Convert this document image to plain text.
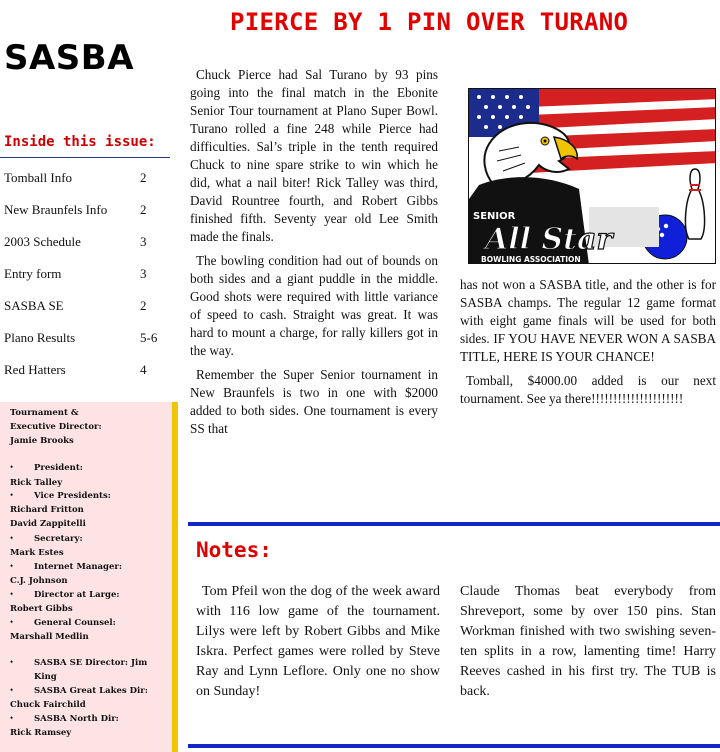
SASBA
Inside this issue:
Tomball Info	2
New Braunfels Info	2
2003 Schedule	3
Entry form	3
SASBA SE	2
Plano Results	5-6
Red Hatters	4
Tournament &
Executive Director:
Jamie Brooks
• President:
Rick Talley
• Vice Presidents:
Richard Fritton
David Zappitelli
• Secretary:
Mark Estes
• Internet Manager:
C.J. Johnson
• Director at Large:
Robert Gibbs
• General Counsel:
Marshall Medlin
• SASBA SE Director: Jim
King
• SASBA Great Lakes Dir:
Chuck Fairchild
• SASBA North Dir:
Rick Ramsey
PIERCE BY 1 PIN OVER TURANO

Chuck Pierce had Sal Turano by 93 pins going into the final match in the Ebonite Senior Tour tournament at Plano Super Bowl. Turano rolled a fine 248 while Pierce had difficulties. Sal’s triple in the tenth required Chuck to nine spare strike to win which he did, what a nail biter! Rick Talley was third, David Rountree fourth, and Robert Gibbs finished fifth. Seventy year old Lee Smith made the finals.

The bowling condition had out of bounds on both sides and a giant puddle in the middle. Good shots were required with little variance of speed to cash. Straight was great. It was hard to mount a charge, for rally killers got in the way.

Remember the Super Senior tournament in New Braunfels is two in one with $2000 added to both sides. One tournament is every SS that

SENIOR
All Star
BOWLING ASSOCIATION

has not won a SASBA title, and the other is for SASBA champs. The regular 12 game format with eight game finals will be used for both sides. IF YOU HAVE NEVER WON A SASBA TITLE, HERE IS YOUR CHANCE!

Tomball, $4000.00 added is our next tournament. See ya there!!!!!!!!!!!!!!!!!!!!!

Notes:

Tom Pfeil won the dog of the week award with 116 low game of the tournament. Lilys were left by Robert Gibbs and Mike Iskra. Perfect games were rolled by Steve Ray and Lynn Leflore. Only one no show on Sunday!

Claude Thomas beat everybody from Shreveport, some by over 150 pins. Stan Workman finished with two swishing seven-ten splits in a row, lamenting time! Harry Reeves cashed in his first try. The TUB is back.
